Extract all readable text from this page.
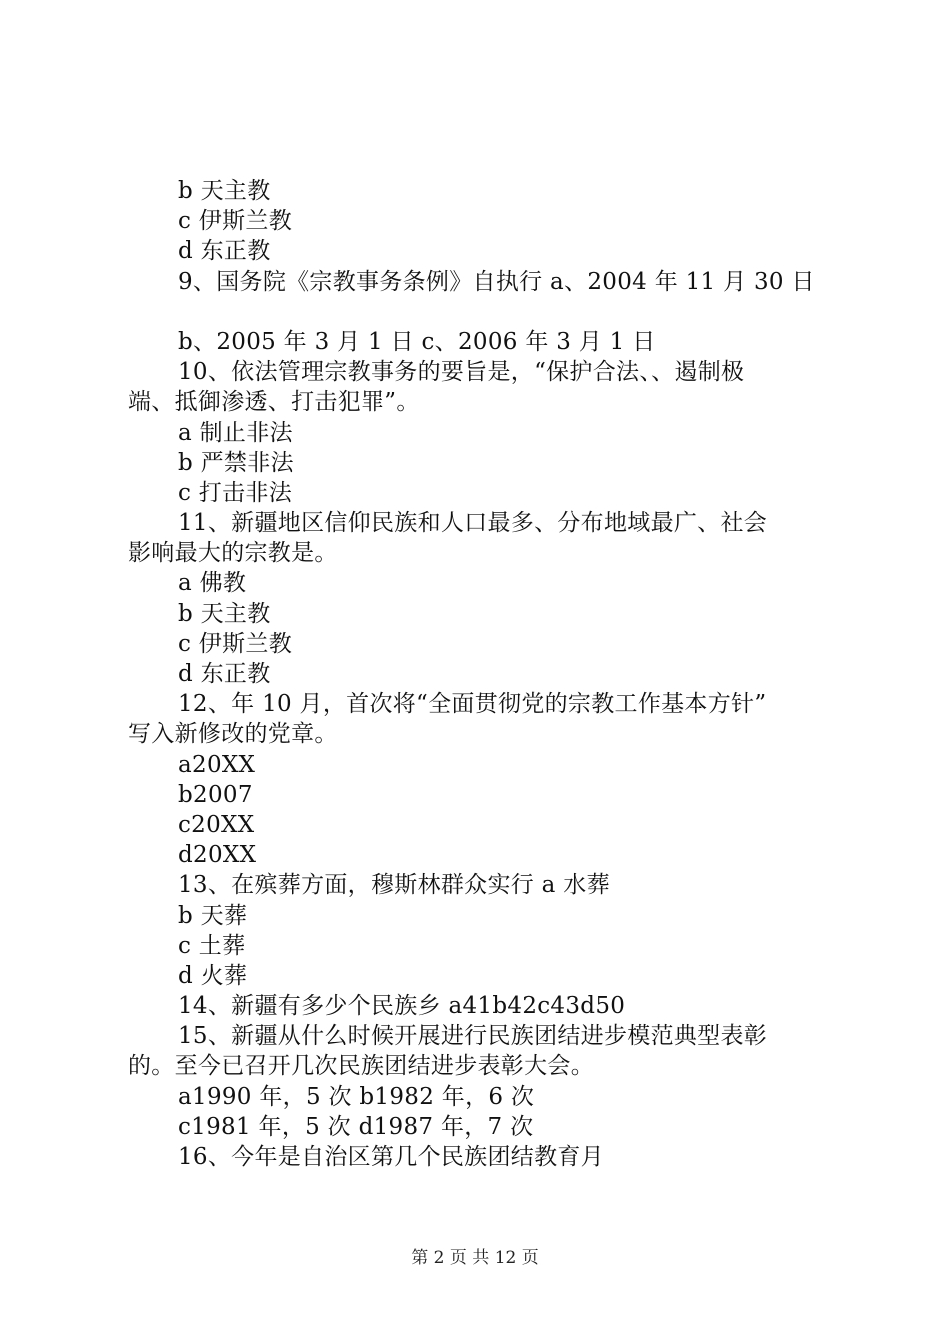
b 天主教
c 伊斯兰教
d 东正教
9、国务院《宗教事务条例》自执行 a、2004 年 11 月 30 日
b、2005 年 3 月 1 日 c、2006 年 3 月 1 日
10、依法管理宗教事务的要旨是，“保护合法、、遏制极
端、抵御渗透、打击犯罪”。
a 制止非法
b 严禁非法
c 打击非法
11、新疆地区信仰民族和人口最多、分布地域最广、社会
影响最大的宗教是。
a 佛教
b 天主教
c 伊斯兰教
d 东正教
12、年 10 月，首次将“全面贯彻党的宗教工作基本方针”
写入新修改的党章。
a20XX
b2007
c20XX
d20XX
13、在殡葬方面，穆斯林群众实行 a 水葬
b 天葬
c 土葬
d 火葬
14、新疆有多少个民族乡 a41b42c43d50
15、新疆从什么时候开展进行民族团结进步模范典型表彰
的。至今已召开几次民族团结进步表彰大会。
a1990 年，5 次 b1982 年，6 次
c1981 年，5 次 d1987 年，7 次
16、今年是自治区第几个民族团结教育月
第 2 页 共 12 页
